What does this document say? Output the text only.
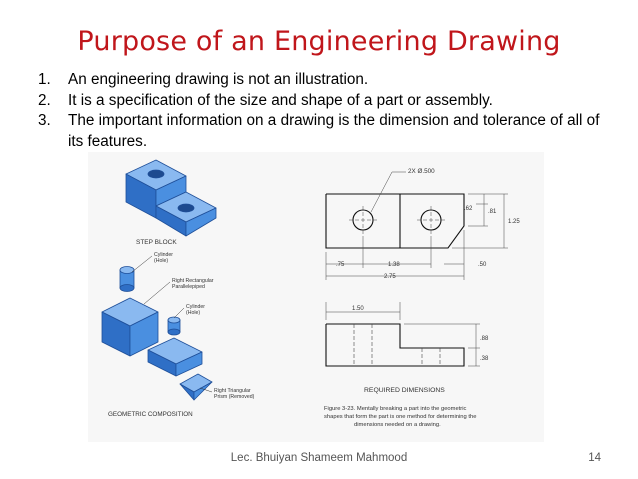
Purpose of an Engineering Drawing
1. An engineering drawing is not an illustration.
2. It is a specification of the size and shape of a part or assembly.
3. The important information on a drawing is the dimension and tolerance of all of its features.
STEP BLOCK
Cylinder
(Hole)
Right Rectangular
Parallelepiped
Cylinder
(Hole)
Right Triangular
Prism (Removed)
GEOMETRIC COMPOSITION
2X Ø.500
.62	.81
1.25
.75	1.38	.50
2.75
1.50
.88
.38
REQUIRED DIMENSIONS
Figure 3-23. Mentally breaking a part into the geometric
shapes that form the part is one method for determining the
dimensions needed on a drawing.
Lec. Bhuiyan Shameem Mahmood	14
